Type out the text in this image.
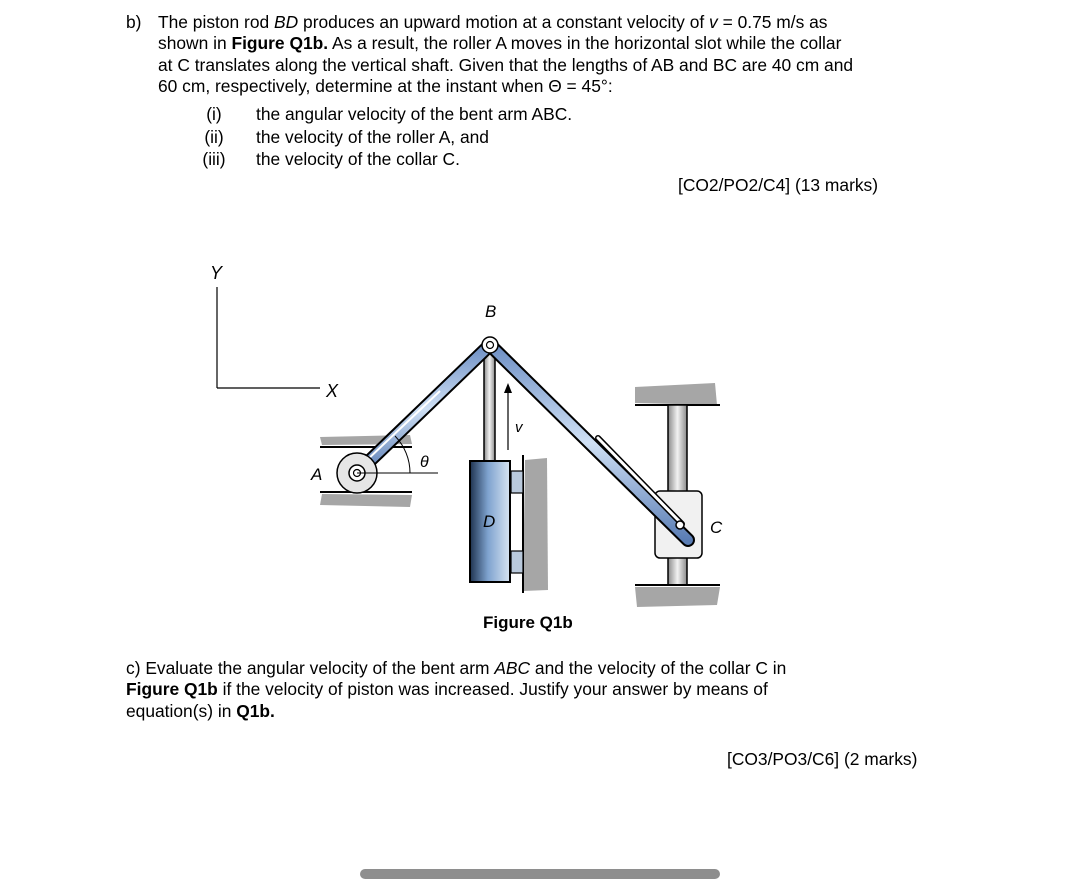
b) The piston rod BD produces an upward motion at a constant velocity of v = 0.75 m/s as
shown in Figure Q1b. As a result, the roller A moves in the horizontal slot while the collar
at C translates along the vertical shaft. Given that the lengths of AB and BC are 40 cm and
60 cm, respectively, determine at the instant when Θ = 45°:
(i)	the angular velocity of the bent arm ABC.
(ii)	the velocity of the roller A, and
(iii)	the velocity of the collar C.
[CO2/PO2/C4] (13 marks)
Y
X
A
B
C
D
v
θ
Figure Q1b
c) Evaluate the angular velocity of the bent arm ABC and the velocity of the collar C in
Figure Q1b if the velocity of piston was increased. Justify your answer by means of
equation(s) in Q1b.
[CO3/PO3/C6] (2 marks)
